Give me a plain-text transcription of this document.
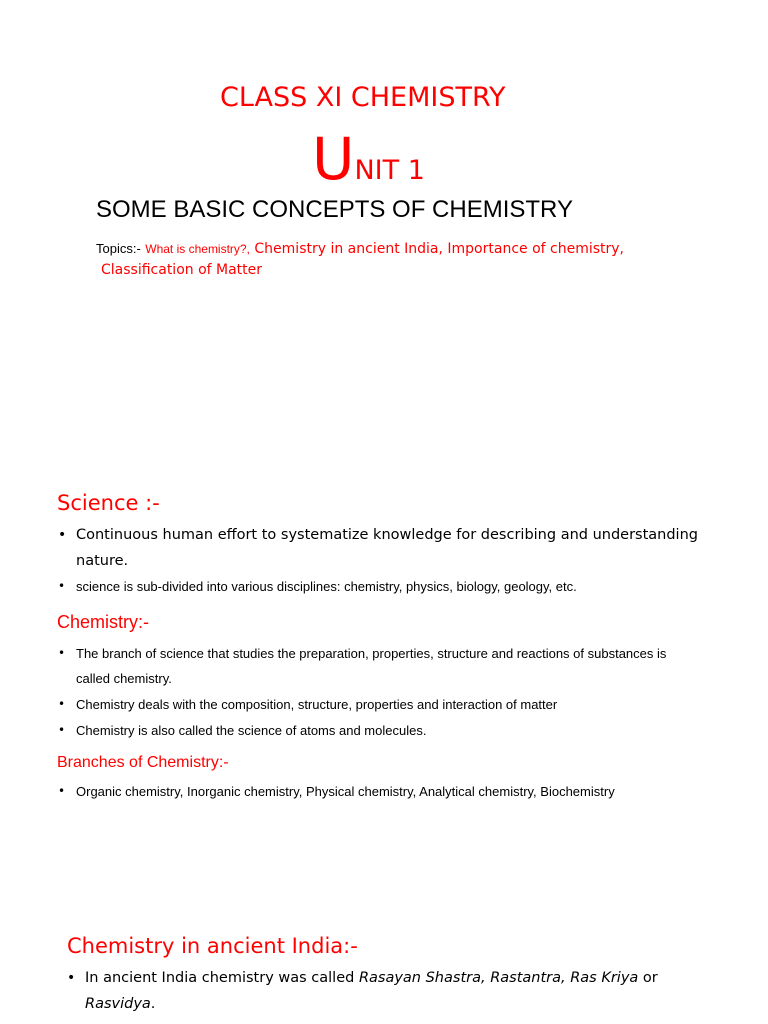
CLASS XI CHEMISTRY
UNIT 1
SOME BASIC CONCEPTS OF CHEMISTRY
Topics:- What is chemistry?, Chemistry in ancient India, Importance of chemistry,
Classification of Matter
Science :-
• Continuous human effort to systematize knowledge for describing and understanding
nature.
• science is sub-divided into various disciplines: chemistry, physics, biology, geology, etc.
Chemistry:-
• The branch of science that studies the preparation, properties, structure and reactions of substances is
called chemistry.
• Chemistry deals with the composition, structure, properties and interaction of matter
• Chemistry is also called the science of atoms and molecules.
Branches of Chemistry:-
• Organic chemistry, Inorganic chemistry, Physical chemistry, Analytical chemistry, Biochemistry
Chemistry in ancient India:-
• In ancient India chemistry was called Rasayan Shastra, Rastantra, Ras Kriya or
Rasvidya.
